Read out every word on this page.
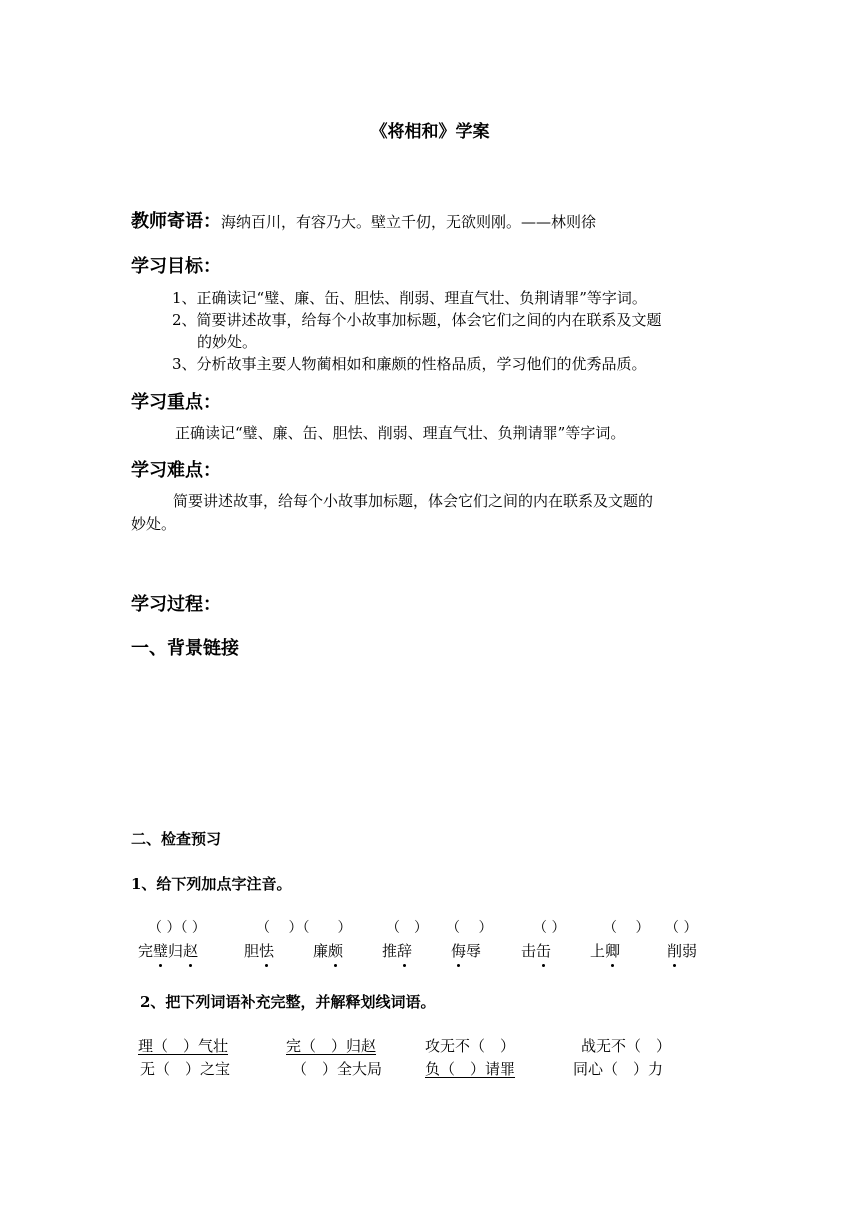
《将相和》学案
教师寄语：海纳百川，有容乃大。壁立千仞，无欲则刚。——林则徐
学习目标：
1、正确读记“璧、廉、缶、胆怯、削弱、理直气壮、负荆请罪”等字词。
2、简要讲述故事，给每个小故事加标题，体会它们之间的内在联系及文题
的妙处。
3、分析故事主要人物蔺相如和廉颇的性格品质，学习他们的优秀品质。
学习重点：
正确读记“璧、廉、缶、胆怯、削弱、理直气壮、负荆请罪”等字词。
学习难点：
简要讲述故事，给每个小故事加标题，体会它们之间的内在联系及文题的
妙处。
学习过程：
一、背景链接
二、检查预习
1、给下列加点字注音。
（ ）（ ）	（　 ）（　　） （　） （　 ）	（ ）	（　 ） （ ）
完璧归赵	胆怯	廉颇	推辞	侮辱	击缶	上卿	削弱
2、把下列词语补充完整，并解释划线词语。
理（　）气壮	完（　）归赵	攻无不（　）	战无不（　）
无（　）之宝	（　）全大局	负（　）请罪	同心（　）力
